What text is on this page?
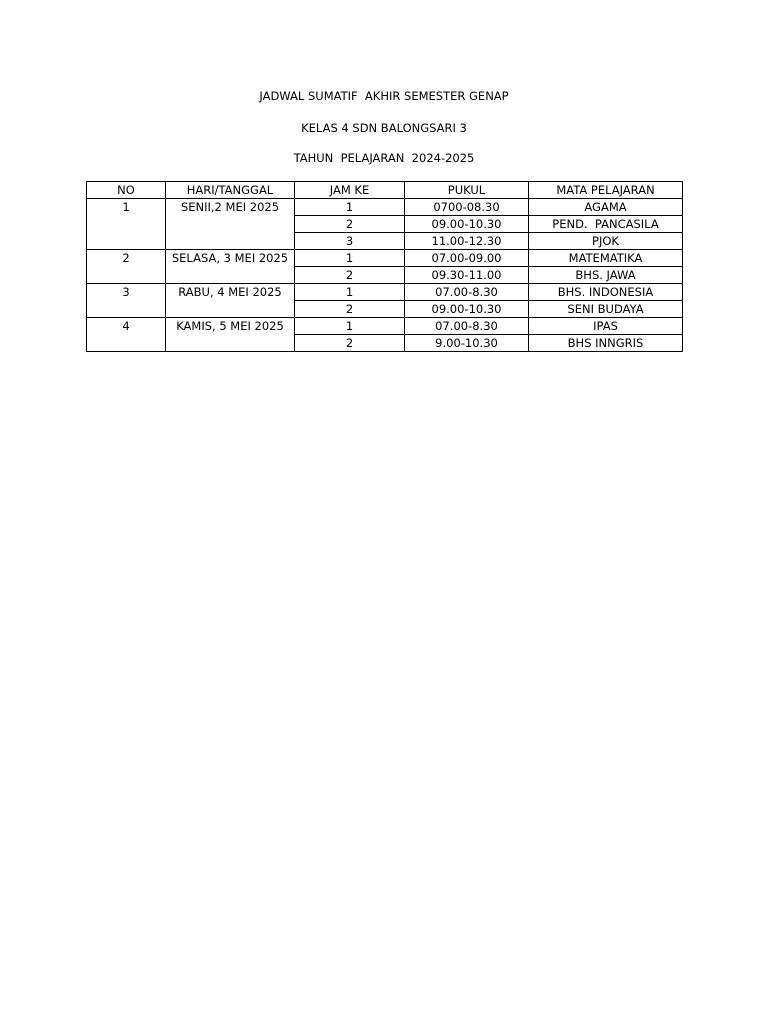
JADWAL SUMATIF  AKHIR SEMESTER GENAP
KELAS 4 SDN BALONGSARI 3
TAHUN  PELAJARAN  2024-2025
NO	HARI/TANGGAL	JAM KE	PUKUL	MATA PELAJARAN
1	SENII,2 MEI 2025	1	0700-08.30	AGAMA
		2	09.00-10.30	PEND.  PANCASILA
		3	11.00-12.30	PJOK
2	SELASA, 3 MEI 2025	1	07.00-09.00	MATEMATIKA
		2	09.30-11.00	BHS. JAWA
3	RABU, 4 MEI 2025	1	07.00-8.30	BHS. INDONESIA
		2	09.00-10.30	SENI BUDAYA
4	KAMIS, 5 MEI 2025	1	07.00-8.30	IPAS
		2	9.00-10.30	BHS INNGRIS
